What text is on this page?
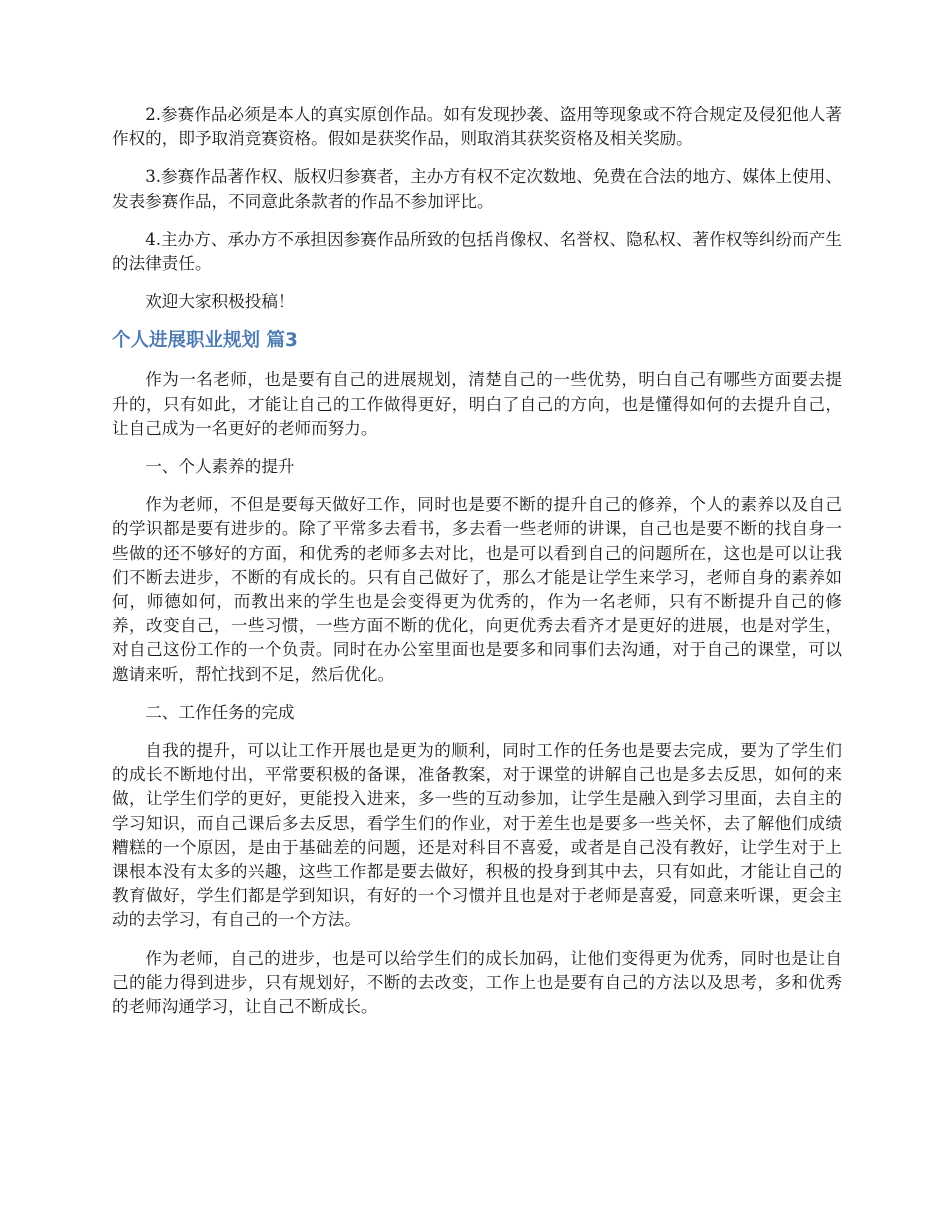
2.参赛作品必须是本人的真实原创作品。如有发现抄袭、盗用等现象或不符合规定及侵犯他人著作权的，即予取消竞赛资格。假如是获奖作品，则取消其获奖资格及相关奖励。

3.参赛作品著作权、版权归参赛者，主办方有权不定次数地、免费在合法的地方、媒体上使用、发表参赛作品，不同意此条款者的作品不参加评比。

4.主办方、承办方不承担因参赛作品所致的包括肖像权、名誉权、隐私权、著作权等纠纷而产生的法律责任。

欢迎大家积极投稿！

个人进展职业规划 篇3

作为一名老师，也是要有自己的进展规划，清楚自己的一些优势，明白自己有哪些方面要去提升的，只有如此，才能让自己的工作做得更好，明白了自己的方向，也是懂得如何的去提升自己，让自己成为一名更好的老师而努力。

一、个人素养的提升

作为老师，不但是要每天做好工作，同时也是要不断的提升自己的修养，个人的素养以及自己的学识都是要有进步的。除了平常多去看书，多去看一些老师的讲课，自己也是要不断的找自身一些做的还不够好的方面，和优秀的老师多去对比，也是可以看到自己的问题所在，这也是可以让我们不断去进步，不断的有成长的。只有自己做好了，那么才能是让学生来学习，老师自身的素养如何，师德如何，而教出来的学生也是会变得更为优秀的，作为一名老师，只有不断提升自己的修养，改变自己，一些习惯，一些方面不断的优化，向更优秀去看齐才是更好的进展，也是对学生，对自己这份工作的一个负责。同时在办公室里面也是要多和同事们去沟通，对于自己的课堂，可以邀请来听，帮忙找到不足，然后优化。

二、工作任务的完成

自我的提升，可以让工作开展也是更为的顺利，同时工作的任务也是要去完成，要为了学生们的成长不断地付出，平常要积极的备课，准备教案，对于课堂的讲解自己也是多去反思，如何的来做，让学生们学的更好，更能投入进来，多一些的互动参加，让学生是融入到学习里面，去自主的学习知识，而自己课后多去反思，看学生们的作业，对于差生也是要多一些关怀，去了解他们成绩糟糕的一个原因，是由于基础差的问题，还是对科目不喜爱，或者是自己没有教好，让学生对于上课根本没有太多的兴趣，这些工作都是要去做好，积极的投身到其中去，只有如此，才能让自己的教育做好，学生们都是学到知识，有好的一个习惯并且也是对于老师是喜爱，同意来听课，更会主动的去学习，有自己的一个方法。

作为老师，自己的进步，也是可以给学生们的成长加码，让他们变得更为优秀，同时也是让自己的能力得到进步，只有规划好，不断的去改变，工作上也是要有自己的方法以及思考，多和优秀的老师沟通学习，让自己不断成长。
